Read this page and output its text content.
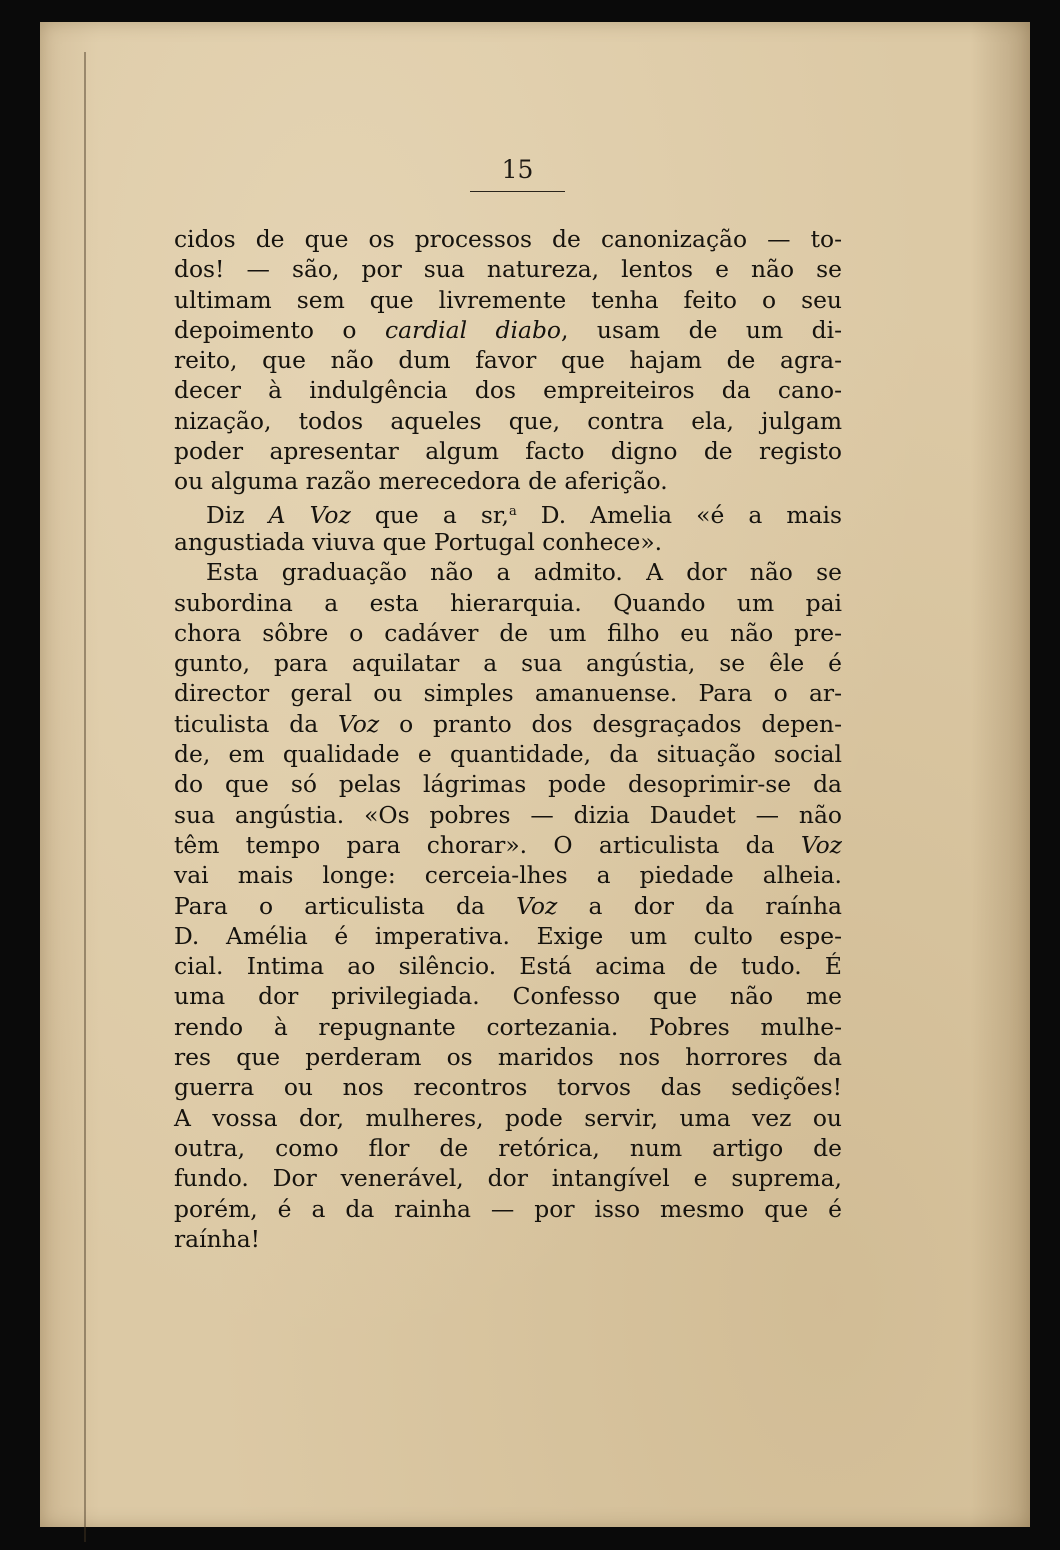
15
cidos de que os processos de canonização — to-
dos! — são, por sua natureza, lentos e não se
ultimam sem que livremente tenha feito o seu
depoimento o cardial diabo, usam de um di-
reito, que não dum favor que hajam de agra-
decer à indulgência dos empreiteiros da cano-
nização, todos aqueles que, contra ela, julgam
poder apresentar algum facto digno de registo
ou alguma razão merecedora de aferição.
Diz A Voz que a sr,$^a$ D. Amelia «é a mais
angustiada viuva que Portugal conhece».
Esta graduação não a admito. A dor não se
subordina a esta hierarquia. Quando um pai
chora sôbre o cadáver de um filho eu não pre-
gunto, para aquilatar a sua angústia, se êle é
director geral ou simples amanuense. Para o ar-
ticulista da Voz o pranto dos desgraçados depen-
de, em qualidade e quantidade, da situação social
do que só pelas lágrimas pode desoprimir-se da
sua angústia. «Os pobres — dizia Daudet — não
têm tempo para chorar». O articulista da Voz
vai mais longe: cerceia-lhes a piedade alheia.
Para o articulista da Voz a dor da raínha
D. Amélia é imperativa. Exige um culto espe-
cial. Intima ao silêncio. Está acima de tudo. É
uma dor privilegiada. Confesso que não me
rendo à repugnante cortezania. Pobres mulhe-
res que perderam os maridos nos horrores da
guerra ou nos recontros torvos das sedições!
A vossa dor, mulheres, pode servir, uma vez ou
outra, como flor de retórica, num artigo de
fundo. Dor venerável, dor intangível e suprema,
porém, é a da rainha — por isso mesmo que é
raínha!
